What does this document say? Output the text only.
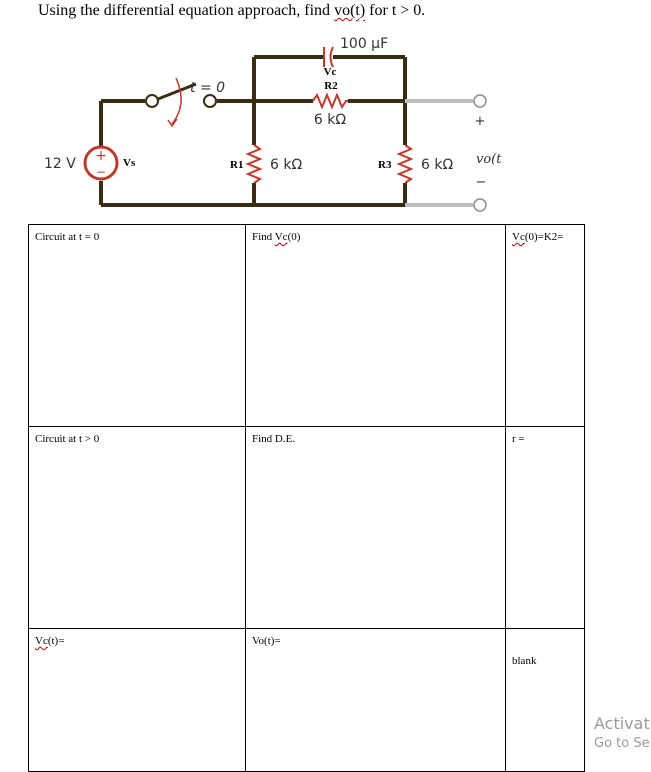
Using the differential equation approach, find vo(t) for t > 0.
t = 0
+
−
12 V	Vs
100 μF
Vc
R2
6 kΩ
R1 6 kΩ	R3 6 kΩ vo(t
+
−
Circuit at t = 0	Find Vc(0)	Vc(0)=K2=
Circuit at t > 0	Find D.E.	r =
Vc(t)=	Vo(t)=	blank
Activat
Go to Se
